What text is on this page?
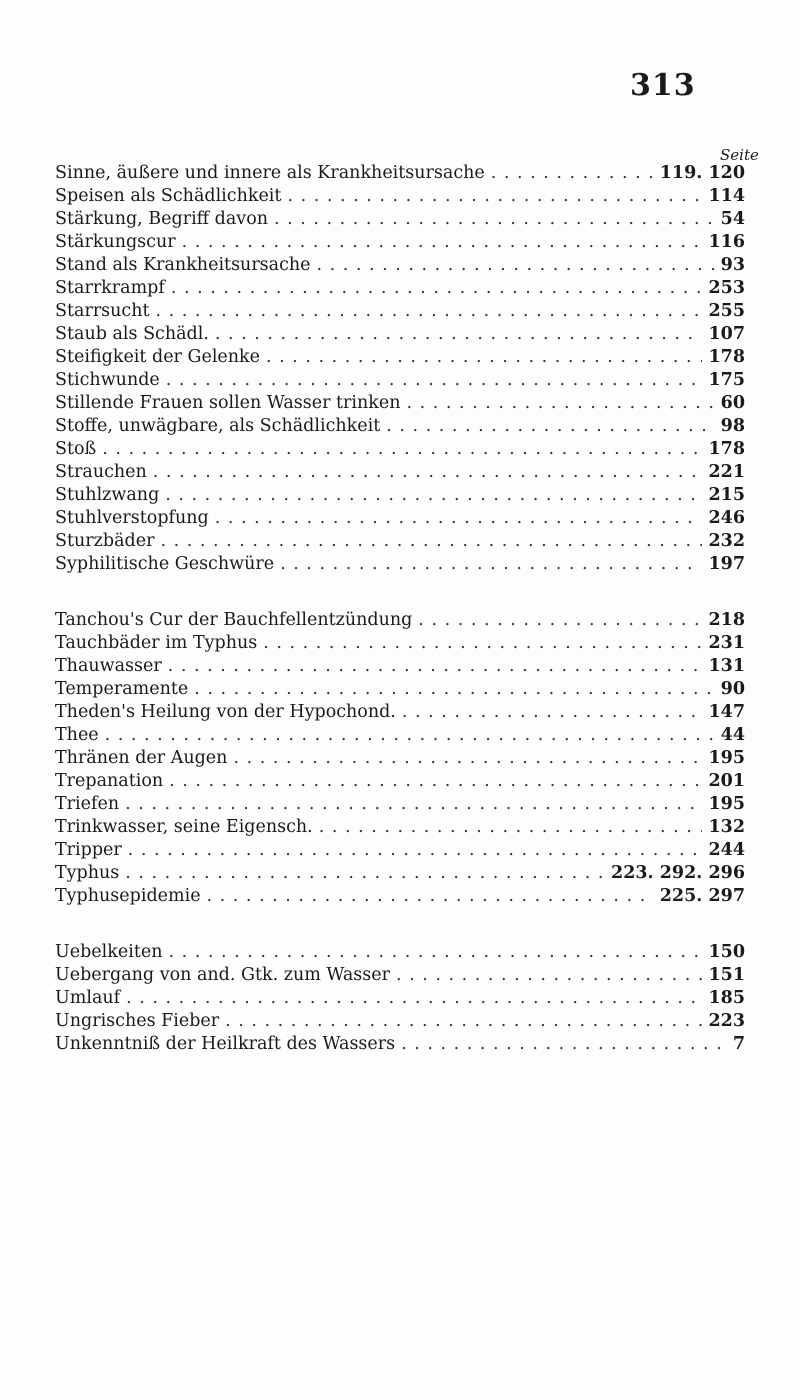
313
Seite
Sinne, äußere und innere als Krankheitsursache . . .	119. 120
Speisen als Schädlichkeit . . .	114
Stärkung, Begriff davon . . .	54
Stärkungscur . . .	116
Stand als Krankheitsursache . . .	93
Starrkrampf . . .	253
Starrsucht . . .	255
Staub als Schädl. . . .	107
Steifigkeit der Gelenke . . .	178
Stichwunde . . .	175
Stillende Frauen sollen Wasser trinken . . .	60
Stoffe, unwägbare, als Schädlichkeit . . .	98
Stoß . . .	178
Strauchen . . .	221
Stuhlzwang . . .	215
Stuhlverstopfung . . .	246
Sturzbäder . . .	232
Syphilitische Geschwüre . . .	197
Tanchou's Cur der Bauchfellentzündung . . .	218
Tauchbäder im Typhus . . .	231
Thauwasser . . .	131
Temperamente . . .	90
Theden's Heilung von der Hypochond. . . .	147
Thee . . .	44
Thränen der Augen . . .	195
Trepanation . . .	201
Triefen . . .	195
Trinkwasser, seine Eigensch. . . .	132
Tripper . . .	244
Typhus . . .	223. 292. 296
Typhusepidemie . . .	225. 297
Uebelkeiten . . .	150
Uebergang von and. Gtk. zum Wasser . . .	151
Umlauf . . .	185
Ungrisches Fieber . . .	223
Unkenntniß der Heilkraft des Wassers . . .	7
